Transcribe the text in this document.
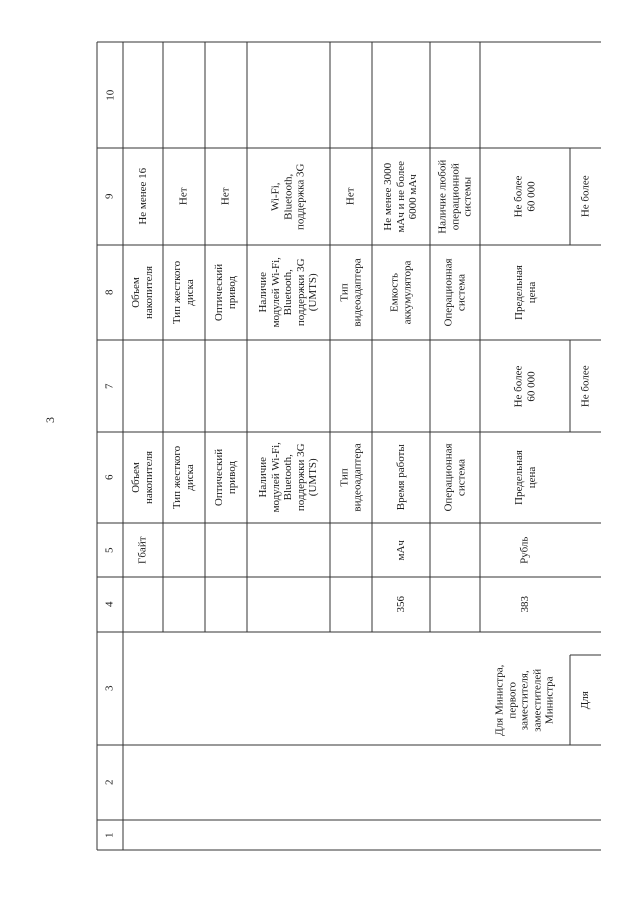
3
10
9
8
7
6
5
4
3
2
1
Не менее 16
Объем
накопителя
Объем
накопителя
Гбайт
Нет
Тип жесткого
диска
Тип жесткого
диска
Нет
Оптический
привод
Оптический
привод
Wi-Fi,
Bluetooth,
поддержка 3G
Наличие
модулей Wi-Fi,
Bluetooth,
поддержки 3G
(UMTS)
Наличие
модулей Wi-Fi,
Bluetooth,
поддержки 3G
(UMTS)
Нет
Тип
видеоадаптера
Тип
видеоадаптера
Не менее 3000
мАч и не более
6000 мАч
Емкость
аккумулятора
Время работы
мАч
356
Наличие любой
операционной
системы
Операционная
система
Операционная
система
Не более
60 000
Предельная
цена
Не более
60 000
Предельная
цена
Рубль
383
Для Министра,
первого
заместителя,
заместителей
Министра
Не более
Не более
Для
